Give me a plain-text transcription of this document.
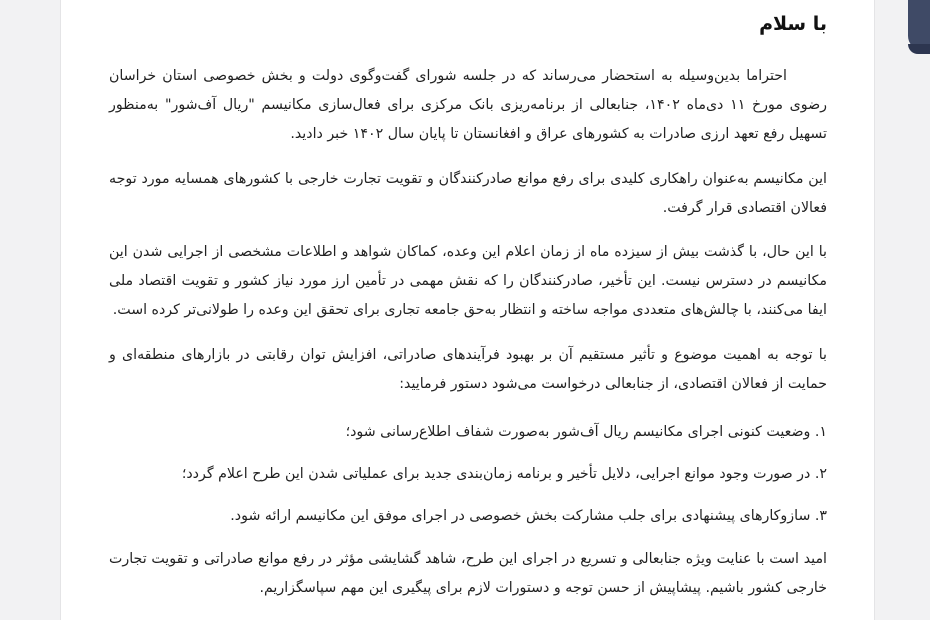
با سلام

احتراما بدین‌وسیله به استحضار می‌رساند که در جلسه شورای گفت‌وگوی دولت و بخش خصوصی استان خراسان رضوی مورخ ۱۱ دی‌ماه ۱۴۰۲، جنابعالی از برنامه‌ریزی بانک مرکزی برای فعال‌سازی مکانیسم "ریال آف‌شور" به‌منظور تسهیل رفع تعهد ارزی صادرات به کشورهای عراق و افغانستان تا پایان سال ۱۴۰۲ خبر دادید.

این مکانیسم به‌عنوان راهکاری کلیدی برای رفع موانع صادرکنندگان و تقویت تجارت خارجی با کشورهای همسایه مورد توجه فعالان اقتصادی قرار گرفت.

با این حال، با گذشت بیش از سیزده ماه از زمان اعلام این وعده، کماکان شواهد و اطلاعات مشخصی از اجرایی شدن این مکانیسم در دسترس نیست. این تأخیر، صادرکنندگان را که نقش مهمی در تأمین ارز مورد نیاز کشور و تقویت اقتصاد ملی ایفا می‌کنند، با چالش‌های متعددی مواجه ساخته و انتظار به‌حق جامعه تجاری برای تحقق این وعده را طولانی‌تر کرده است.

با توجه به اهمیت موضوع و تأثیر مستقیم آن بر بهبود فرآیندهای صادراتی، افزایش توان رقابتی در بازارهای منطقه‌ای و حمایت از فعالان اقتصادی، از جنابعالی درخواست می‌شود دستور فرمایید:

۱. وضعیت کنونی اجرای مکانیسم ریال آف‌شور به‌صورت شفاف اطلاع‌رسانی شود؛

۲. در صورت وجود موانع اجرایی، دلایل تأخیر و برنامه زمان‌بندی جدید برای عملیاتی شدن این طرح اعلام گردد؛

۳. سازوکارهای پیشنهادی برای جلب مشارکت بخش خصوصی در اجرای موفق این مکانیسم ارائه شود.

امید است با عنایت ویژه جنابعالی و تسریع در اجرای این طرح، شاهد گشایشی مؤثر در رفع موانع صادراتی و تقویت تجارت خارجی کشور باشیم. پیشاپیش از حسن توجه و دستورات لازم برای پیگیری این مهم سپاسگزاریم.
